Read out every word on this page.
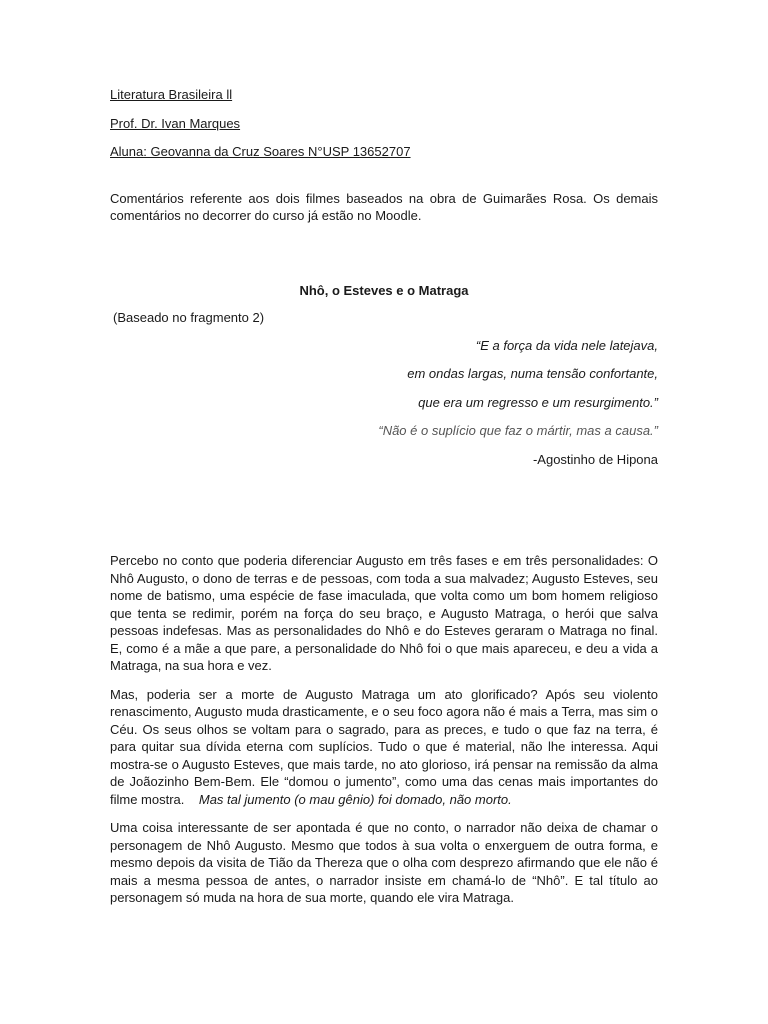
Literatura Brasileira ll

Prof. Dr. Ivan Marques

Aluna: Geovanna da Cruz Soares N°USP 13652707

Comentários referente aos dois filmes baseados na obra de Guimarães Rosa. Os demais comentários no decorrer do curso já estão no Moodle.

Nhô, o Esteves e o Matraga

(Baseado no fragmento 2)

“E a força da vida nele latejava,

em ondas largas, numa tensão confortante,

que era um regresso e um resurgimento.”

“Não é o suplício que faz o mártir, mas a causa.”

-Agostinho de Hipona

Percebo no conto que poderia diferenciar Augusto em três fases e em três personalidades: O Nhô Augusto, o dono de terras e de pessoas, com toda a sua malvadez; Augusto Esteves, seu nome de batismo, uma espécie de fase imaculada, que volta como um bom homem religioso que tenta se redimir, porém na força do seu braço, e Augusto Matraga, o herói que salva pessoas indefesas. Mas as personalidades do Nhô e do Esteves geraram o Matraga no final. E, como é a mãe a que pare, a personalidade do Nhô foi o que mais apareceu, e deu a vida a Matraga, na sua hora e vez.

Mas, poderia ser a morte de Augusto Matraga um ato glorificado? Após seu violento renascimento, Augusto muda drasticamente, e o seu foco agora não é mais a Terra, mas sim o Céu. Os seus olhos se voltam para o sagrado, para as preces, e tudo o que faz na terra, é para quitar sua dívida eterna com suplícios. Tudo o que é material, não lhe interessa. Aqui mostra-se o Augusto Esteves, que mais tarde, no ato glorioso, irá pensar na remissão da alma de Joãozinho Bem-Bem. Ele “domou o jumento”, como uma das cenas mais importantes do filme mostra. Mas tal jumento (o mau gênio) foi domado, não morto.

Uma coisa interessante de ser apontada é que no conto, o narrador não deixa de chamar o personagem de Nhô Augusto. Mesmo que todos à sua volta o enxerguem de outra forma, e mesmo depois da visita de Tião da Thereza que o olha com desprezo afirmando que ele não é mais a mesma pessoa de antes, o narrador insiste em chamá-lo de “Nhô”. E tal título ao personagem só muda na hora de sua morte, quando ele vira Matraga.
